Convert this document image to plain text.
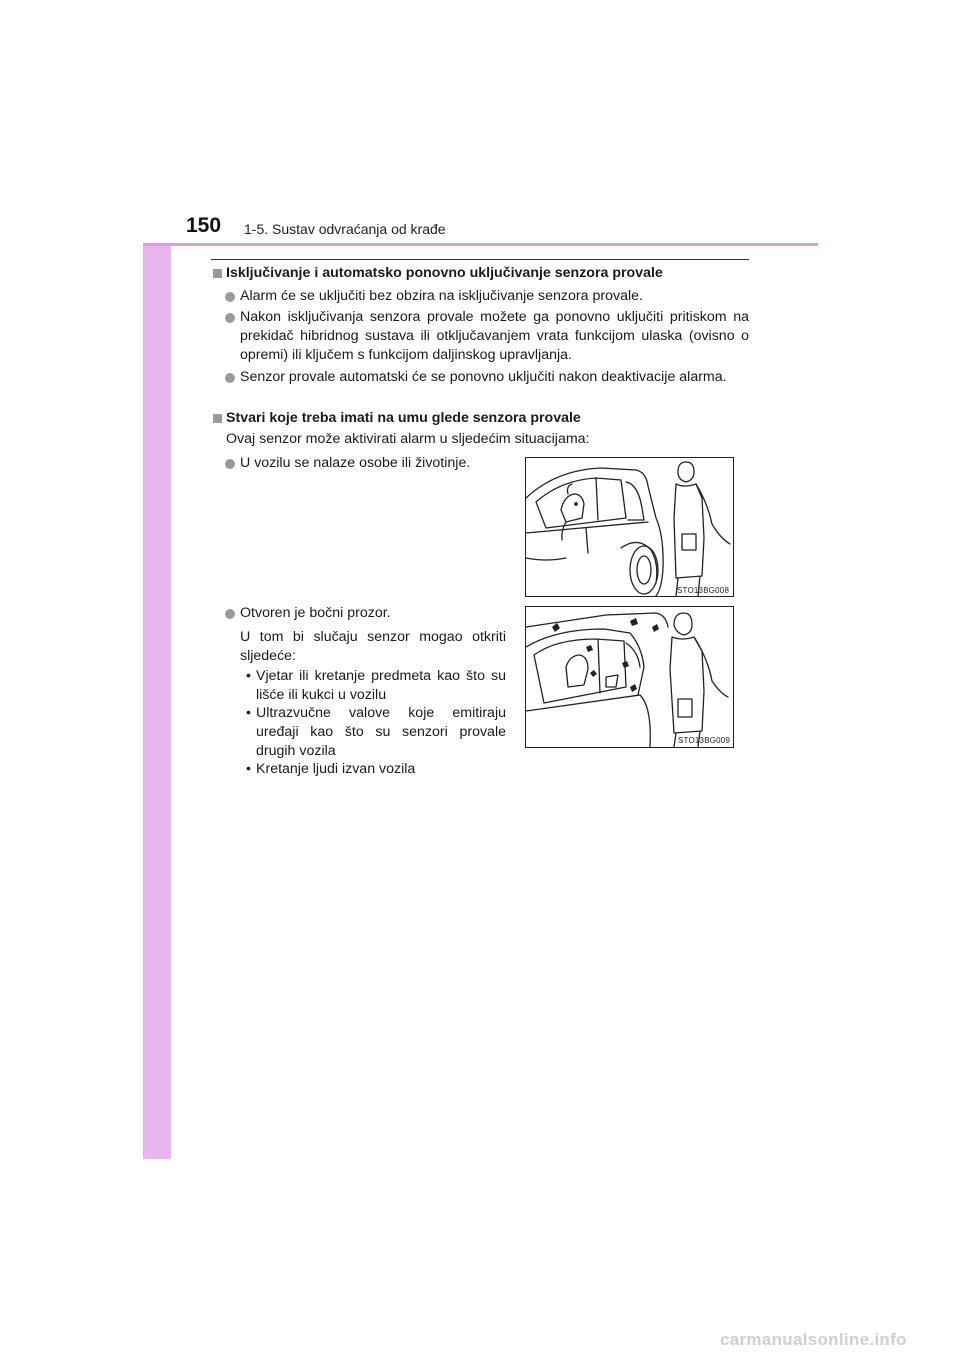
150 1-5. Sustav odvraćanja od krađe
Isključivanje i automatsko ponovno uključivanje senzora provale
Alarm će se uključiti bez obzira na isključivanje senzora provale.
Nakon isključivanja senzora provale možete ga ponovno uključiti pritiskom na prekidač hibridnog sustava ili otključavanjem vrata funkcijom ulaska (ovisno o opremi) ili ključem s funkcijom daljinskog upravljanja.
Senzor provale automatski će se ponovno uključiti nakon deaktivacije alarma.
Stvari koje treba imati na umu glede senzora provale
Ovaj senzor može aktivirati alarm u sljedećim situacijama:
U vozilu se nalaze osobe ili životinje.
Otvoren je bočni prozor.
U tom bi slučaju senzor mogao otkriti sljedeće:
• Vjetar ili kretanje predmeta kao što su lišće ili kukci u vozilu
• Ultrazvučne valove koje emitiraju uređaji kao što su senzori provale drugih vozila
• Kretanje ljudi izvan vozila
STO13BG008
STO13BG009
carmanualsonline.info
